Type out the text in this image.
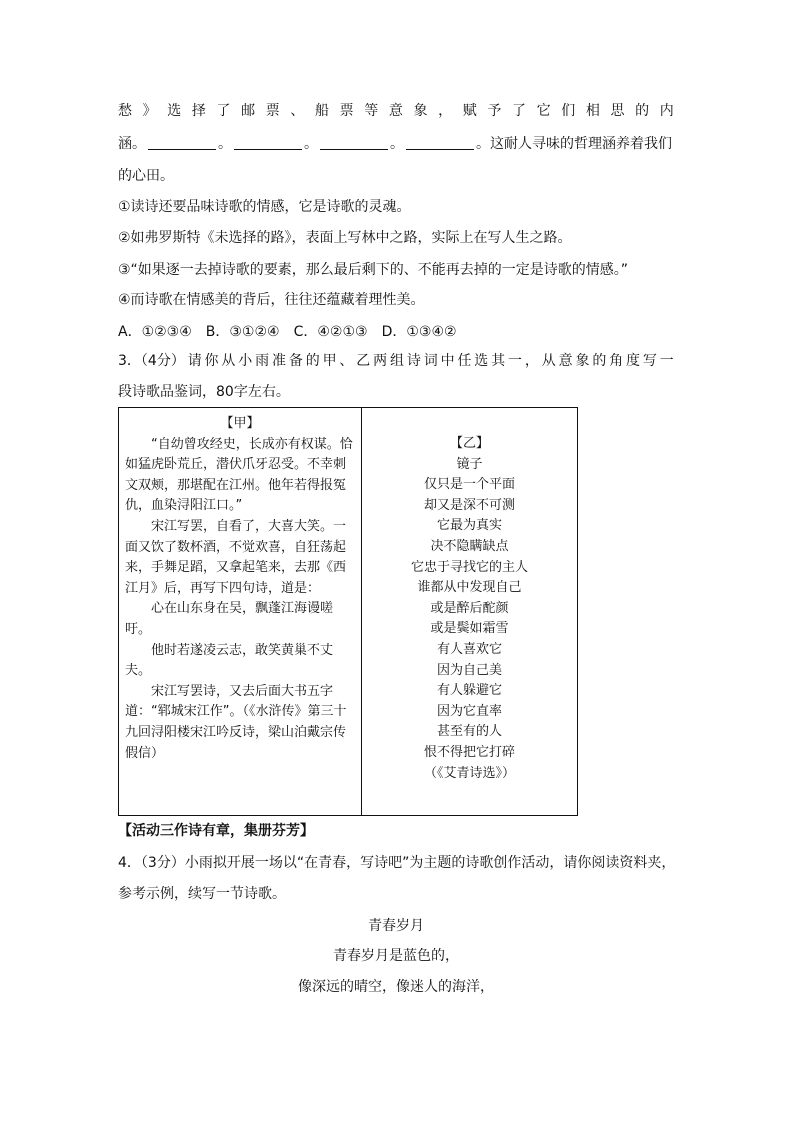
愁 》 选 择 了 邮 票 、 船 票 等 意 象 ， 赋 予 了 它 们 相 思 的 内
涵。	。	。	。	。这耐人寻味的哲理涵养着我们
的心田。
①读诗还要品味诗歌的情感，它是诗歌的灵魂。
②如弗罗斯特《未选择的路》，表面上写林中之路，实际上在写人生之路。
③“如果逐一去掉诗歌的要素，那么最后剩下的、不能再去掉的一定是诗歌的情感。”
④而诗歌在情感美的背后，往往还蕴藏着理性美。
A．①②③④　B．③①②④　C．④②①③　D．①③④②
3．（4分） 请 你 从 小 雨 准 备 的 甲 、 乙 两 组 诗 词 中 任 选 其 一 ， 从 意 象 的 角 度 写 一
段诗歌品鉴词，80字左右。

【甲】

“自幼曾攻经史，长成亦有权谋。恰如猛虎卧荒丘，潜伏爪牙忍受。不幸刺文双颊，那堪配在江州。他年若得报冤仇，血染浔阳江口。”

宋江写罢，自看了，大喜大笑。一面又饮了数杯酒，不觉欢喜，自狂荡起来，手舞足蹈，又拿起笔来，去那《西江月》后，再写下四句诗，道是：

心在山东身在吴，飘蓬江海谩嗟吁。

他时若遂凌云志，敢笑黄巢不丈夫。

宋江写罢诗，又去后面大书五字道：“郓城宋江作”。（《水浒传》第三十九回浔阳楼宋江吟反诗，梁山泊戴宗传假信）

【乙】
镜子
仅只是一个平面
却又是深不可测
它最为真实
决不隐瞒缺点
它忠于寻找它的主人
谁都从中发现自己
或是醉后酡颜
或是鬓如霜雪
有人喜欢它
因为自己美
有人躲避它
因为它直率
甚至有的人
恨不得把它打碎
（《艾青诗选》）
【活动三作诗有章，集册芬芳】
4．（3分）小雨拟开展一场以“在青春，写诗吧”为主题的诗歌创作活动，请你阅读资料夹，
参考示例，续写一节诗歌。
青春岁月
青春岁月是蓝色的，
像深远的晴空，像迷人的海洋，
